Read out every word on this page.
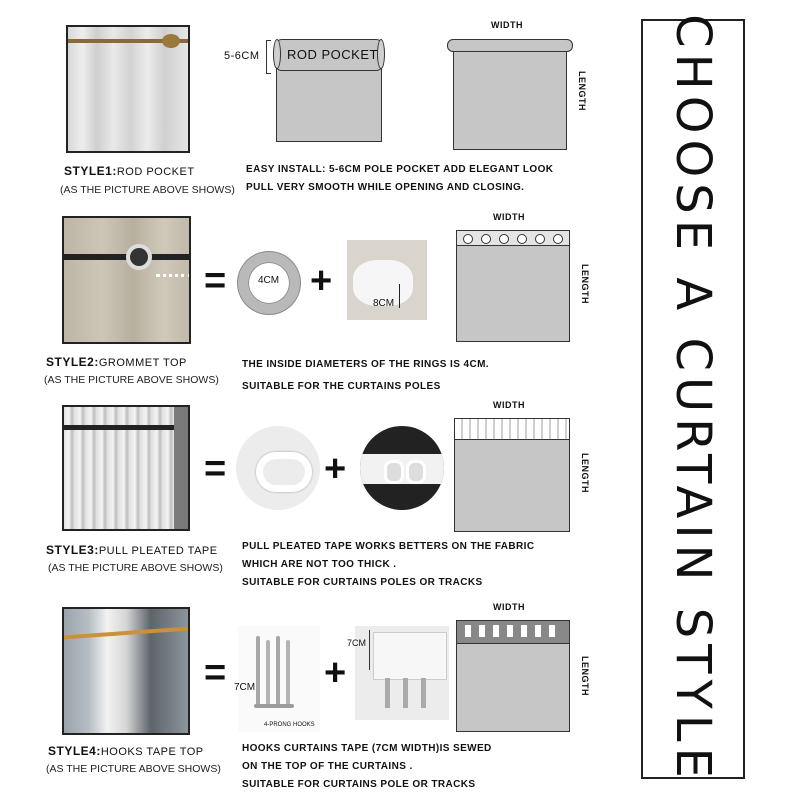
STYLE1:ROD POCKET
(AS THE PICTURE ABOVE SHOWS)
5-6CM ROD POCKET
WIDTH
LENGTH
EASY INSTALL: 5-6CM POLE POCKET ADD ELEGANT LOOK
PULL VERY SMOOTH WHILE OPENING AND CLOSING.
STYLE2:GROMMET TOP
(AS THE PICTURE ABOVE SHOWS)
=	4CM +
8CM
WIDTH
LENGTH
THE INSIDE DIAMETERS OF THE RINGS IS 4CM.
SUITABLE FOR THE CURTAINS POLES
STYLE3:PULL PLEATED TAPE
(AS THE PICTURE ABOVE SHOWS)
=	+
WIDTH
LENGTH
PULL PLEATED TAPE WORKS BETTERS ON THE FABRIC
WHICH ARE NOT TOO THICK .
SUITABLE FOR CURTAINS POLES OR TRACKS
STYLE4:HOOKS TAPE TOP
(AS THE PICTURE ABOVE SHOWS)
= 7CM
4-PRONG HOOKS
+
7CM
WIDTH
LENGTH
HOOKS CURTAINS TAPE (7CM WIDTH)IS SEWED
ON THE TOP OF THE CURTAINS .
SUITABLE FOR CURTAINS POLE OR TRACKS
CHOOSE A CURTAIN STYLE
